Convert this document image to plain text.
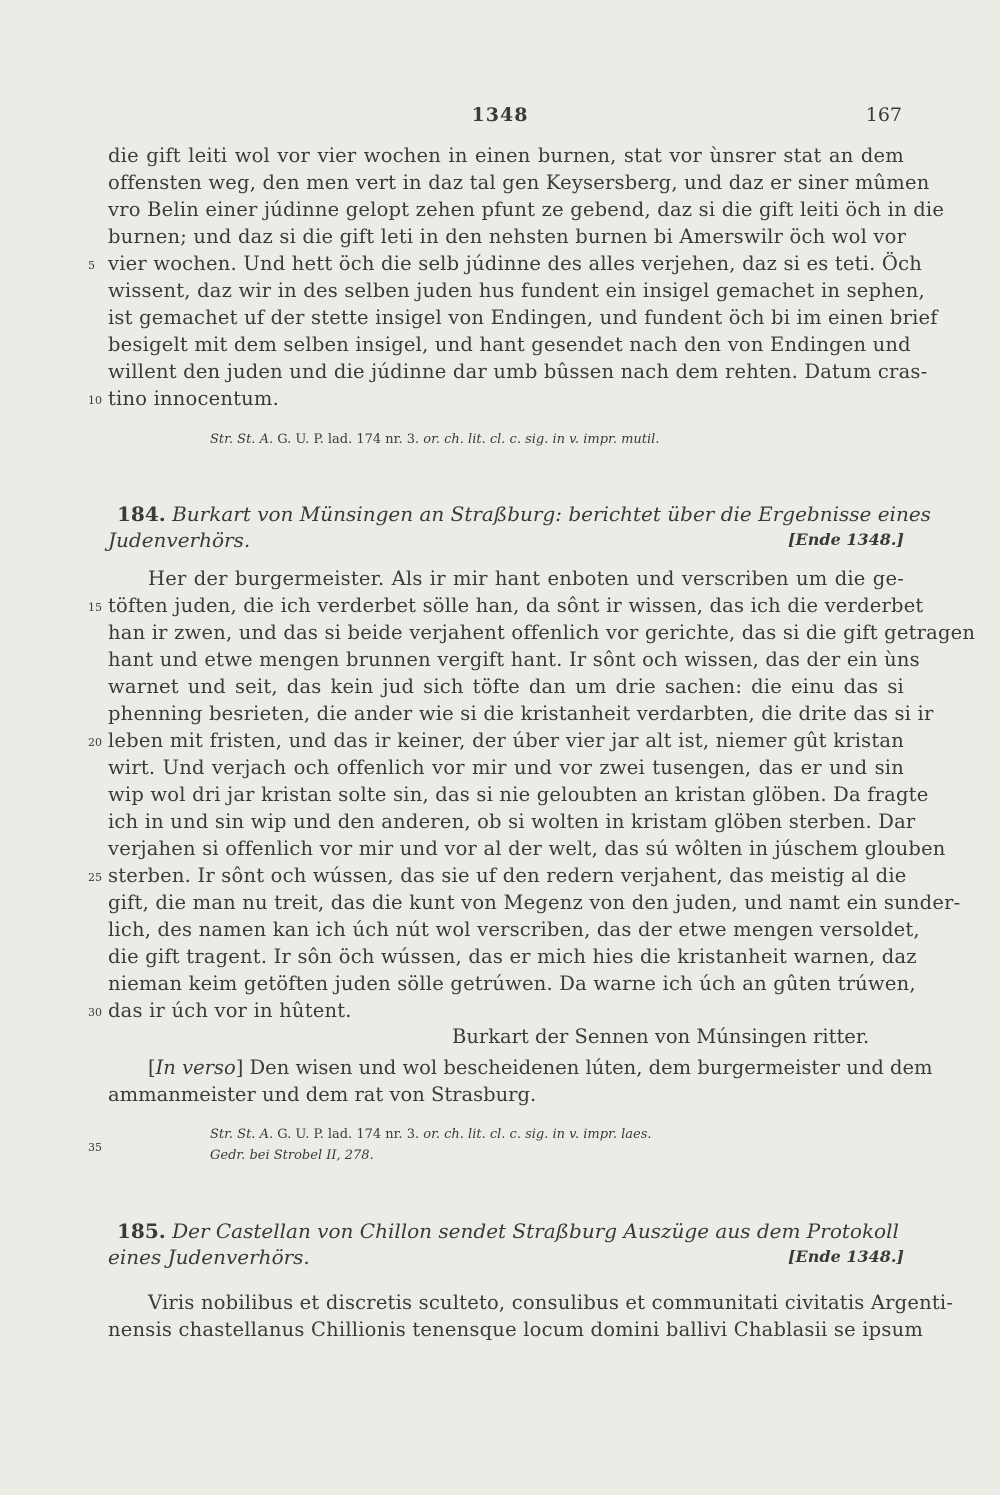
1348	167
die gift leiti wol vor vier wochen in einen burnen, stat vor ùnsrer stat an dem
offensten weg, den men vert in daz tal gen Keysersberg, und daz er siner mûmen
vro Belin einer júdinne gelopt zehen pfunt ze gebend, daz si die gift leiti öch in die
burnen; und daz si die gift leti in den nehsten burnen bi Amerswilr öch wol vor
vier wochen. Und hett öch die selb júdinne des alles verjehen, daz si es teti. Öch
wissent, daz wir in des selben juden hus fundent ein insigel gemachet in sephen,
ist gemachet uf der stette insigel von Endingen, und fundent öch bi im einen brief
besigelt mit dem selben insigel, und hant gesendet nach den von Endingen und
willent den juden und die júdinne dar umb bûssen nach dem rehten. Datum cras-
tino innocentum.
5
10
Str. St. A. G. U. P. lad. 174 nr. 3. or. ch. lit. cl. c. sig. in v. impr. mutil.
184. Burkart von Münsingen an Straßburg: berichtet über die Ergebnisse eines
Judenverhörs.	[Ende 1348.]
Her der burgermeister. Als ir mir hant enboten und verscriben um die ge-
töften juden, die ich verderbet sölle han, da sônt ir wissen, das ich die verderbet
han ir zwen, und das si beide verjahent offenlich vor gerichte, das si die gift getragen
hant und etwe mengen brunnen vergift hant. Ir sônt och wissen, das der ein ùns
warnet und seit, das kein jud sich töfte dan um drie sachen: die einu das si
phenning besrieten, die ander wie si die kristanheit verdarbten, die drite das si ir
leben mit fristen, und das ir keiner, der úber vier jar alt ist, niemer gût kristan
wirt. Und verjach och offenlich vor mir und vor zwei tusengen, das er und sin
wip wol dri jar kristan solte sin, das si nie geloubten an kristan glöben. Da fragte
ich in und sin wip und den anderen, ob si wolten in kristam glöben sterben. Dar
verjahen si offenlich vor mir und vor al der welt, das sú wôlten in júschem glouben
sterben. Ir sônt och wússen, das sie uf den redern verjahent, das meistig al die
gift, die man nu treit, das die kunt von Megenz von den juden, und namt ein sunder-
lich, des namen kan ich úch nút wol verscriben, das der etwe mengen versoldet,
die gift tragent. Ir sôn öch wússen, das er mich hies die kristanheit warnen, daz
nieman keim getöften juden sölle getrúwen. Da warne ich úch an gûten trúwen,
das ir úch vor in hûtent.
15
20
25
30
35
Burkart der Sennen von Múnsingen ritter.
[In verso] Den wisen und wol bescheidenen lúten, dem burgermeister und dem
ammanmeister und dem rat von Strasburg.
Str. St. A. G. U. P. lad. 174 nr. 3. or. ch. lit. cl. c. sig. in v. impr. laes.
Gedr. bei Strobel II, 278.
185. Der Castellan von Chillon sendet Straßburg Auszüge aus dem Protokoll
eines Judenverhörs.	[Ende 1348.]
Viris nobilibus et discretis sculteto, consulibus et communitati civitatis Argenti-
nensis chastellanus Chillionis tenensque locum domini ballivi Chablasii se ipsum
